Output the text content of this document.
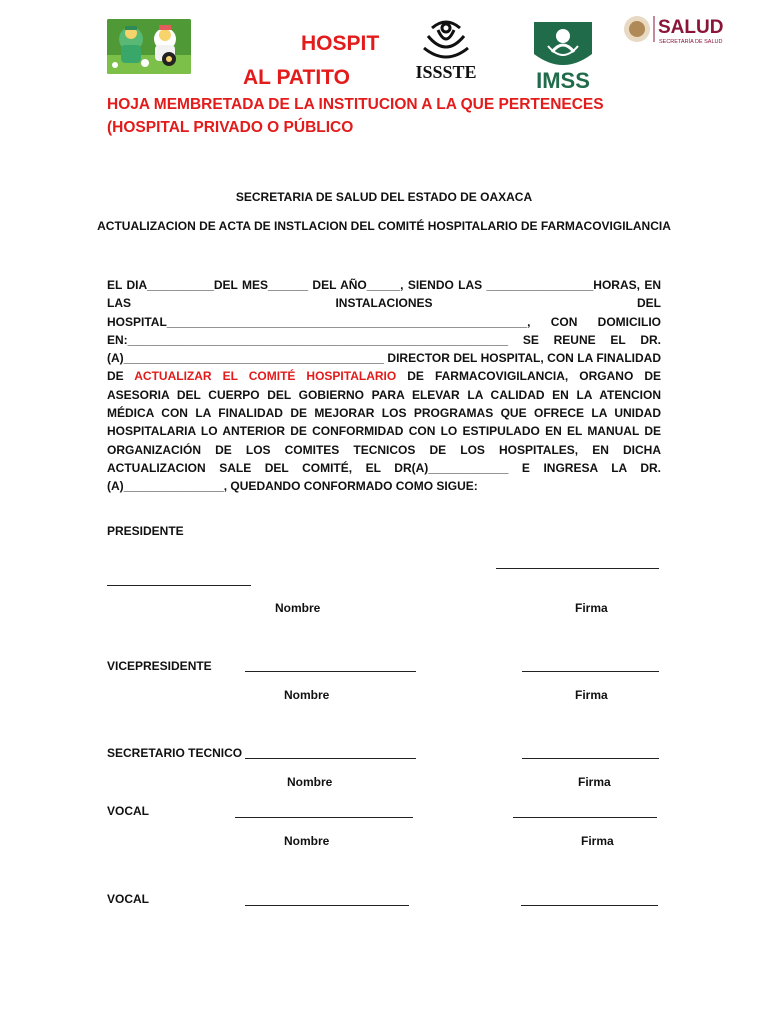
HOSPIT
AL PATITO	ISSSTE	IMSS
SALUD
SECRETARÍA DE SALUD
HOJA MEMBRETADA DE LA INSTITUCION A LA QUE PERTENECES (HOSPITAL PRIVADO O PÚBLICO
SECRETARIA DE SALUD DEL ESTADO DE OAXACA
ACTUALIZACION DE ACTA DE INSTLACION DEL COMITÉ HOSPITALARIO DE FARMACOVIGILANCIA
EL DIA__________DEL MES______ DEL AÑO_____, SIENDO LAS ________________HORAS, EN LAS INSTALACIONES DEL HOSPITAL______________________________________________________, CON DOMICILIO EN:_________________________________________________________ SE REUNE EL DR.(A)_______________________________________ DIRECTOR DEL HOSPITAL, CON LA FINALIDAD DE ACTUALIZAR EL COMITÉ HOSPITALARIO DE FARMACOVIGILANCIA, ORGANO DE ASESORIA DEL CUERPO DEL GOBIERNO PARA ELEVAR LA CALIDAD EN LA ATENCION MÉDICA CON LA FINALIDAD DE MEJORAR LOS PROGRAMAS QUE OFRECE LA UNIDAD HOSPITALARIA LO ANTERIOR DE CONFORMIDAD CON LO ESTIPULADO EN EL MANUAL DE ORGANIZACIÓN DE LOS COMITES TECNICOS DE LOS HOSPITALES, EN DICHA ACTUALIZACION SALE DEL COMITÉ, EL DR(A)____________ E INGRESA LA DR. (A)_______________, QUEDANDO CONFORMADO COMO SIGUE:
PRESIDENTE
Nombre	Firma
VICEPRESIDENTE
Nombre	Firma
SECRETARIO TECNICO
Nombre	Firma
VOCAL
Nombre	Firma
VOCAL
